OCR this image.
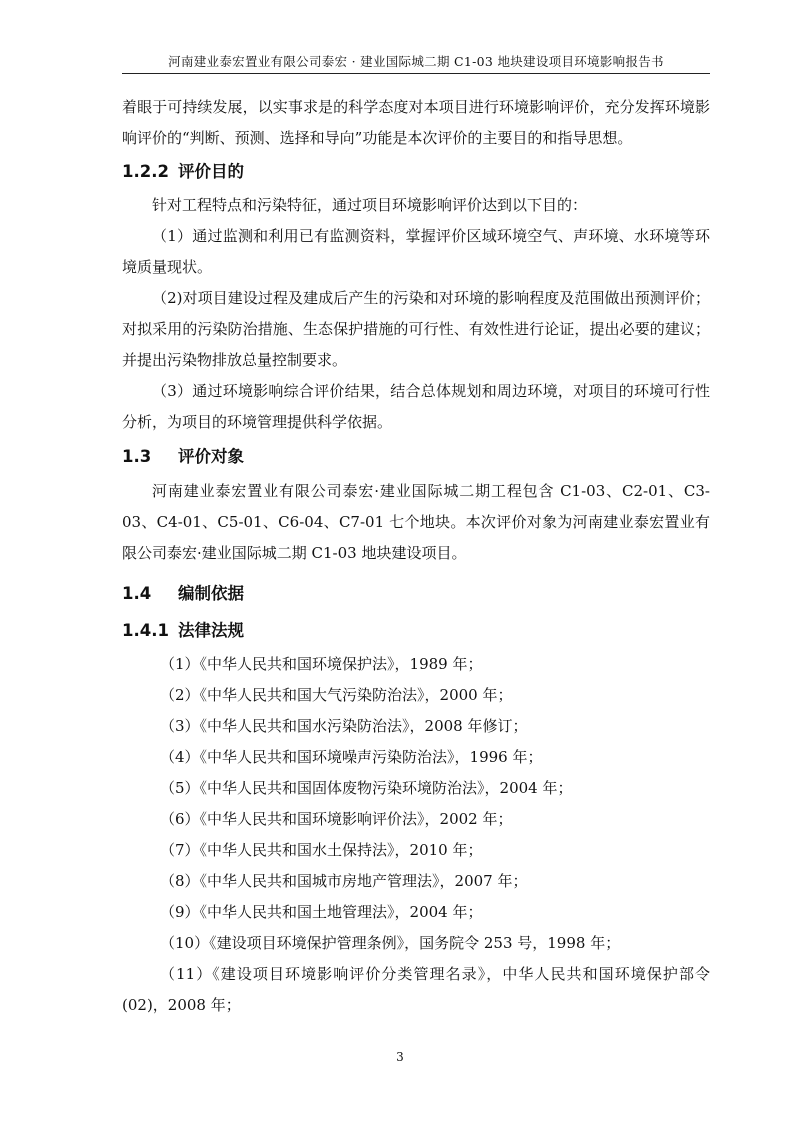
河南建业泰宏置业有限公司泰宏 · 建业国际城二期 C1-03 地块建设项目环境影响报告书

着眼于可持续发展，以实事求是的科学态度对本项目进行环境影响评价，充分发挥环境影响评价的“判断、预测、选择和导向”功能是本次评价的主要目的和指导思想。

1.2.2 评价目的

针对工程特点和污染特征，通过项目环境影响评价达到以下目的：

（1）通过监测和利用已有监测资料，掌握评价区域环境空气、声环境、水环境等环境质量现状。

（2)对项目建设过程及建成后产生的污染和对环境的影响程度及范围做出预测评价；对拟采用的污染防治措施、生态保护措施的可行性、有效性进行论证，提出必要的建议；并提出污染物排放总量控制要求。

（3）通过环境影响综合评价结果，结合总体规划和周边环境，对项目的环境可行性分析，为项目的环境管理提供科学依据。

1.3 评价对象

河南建业泰宏置业有限公司泰宏·建业国际城二期工程包含 C1-03、C2-01、C3-03、C4-01、C5-01、C6-04、C7-01 七个地块。本次评价对象为河南建业泰宏置业有限公司泰宏·建业国际城二期 C1-03 地块建设项目。

1.4 编制依据
1.4.1 法律法规

（1）《中华人民共和国环境保护法》，1989 年；

（2）《中华人民共和国大气污染防治法》，2000 年；

（3）《中华人民共和国水污染防治法》，2008 年修订；

（4）《中华人民共和国环境噪声污染防治法》，1996 年；

（5）《中华人民共和国固体废物污染环境防治法》，2004 年；

（6）《中华人民共和国环境影响评价法》，2002 年；

（7）《中华人民共和国水土保持法》，2010 年；

（8）《中华人民共和国城市房地产管理法》，2007 年；

（9）《中华人民共和国土地管理法》，2004 年；

（10）《建设项目环境保护管理条例》，国务院令 253 号，1998 年；

（11）《建设项目环境影响评价分类管理名录》，中华人民共和国环境保护部令(02)，2008 年；

3
